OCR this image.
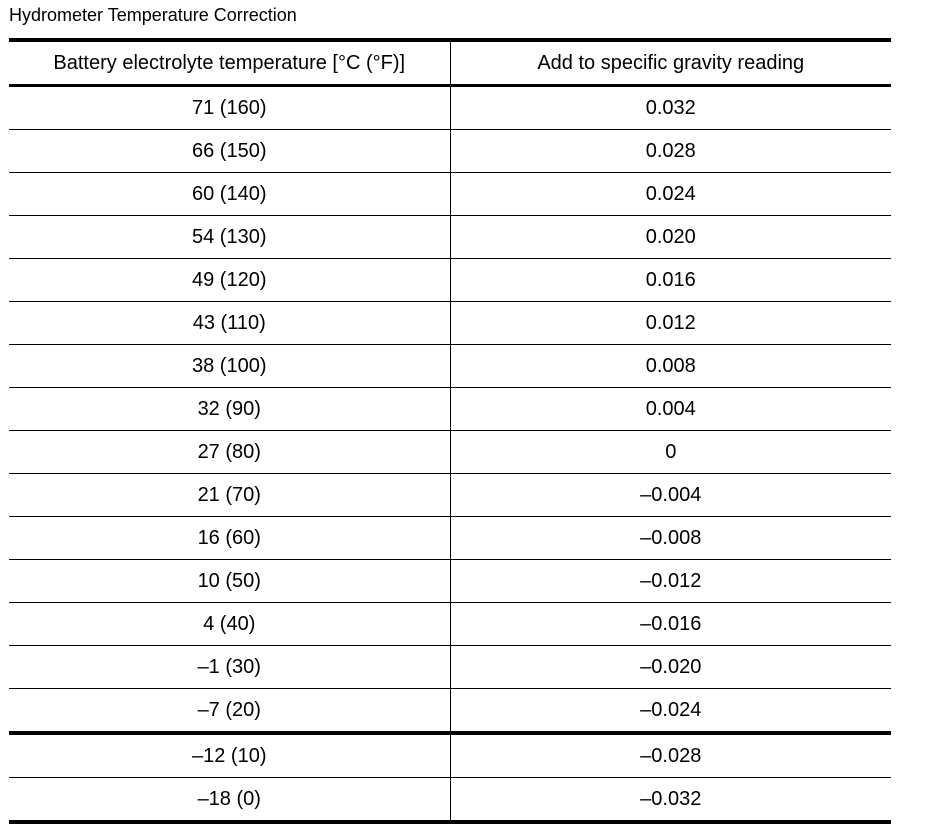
Hydrometer Temperature Correction
Battery electrolyte temperature [°C (°F)]	Add to specific gravity reading
71 (160)	0.032
66 (150)	0.028
60 (140)	0.024
54 (130)	0.020
49 (120)	0.016
43 (110)	0.012
38 (100)	0.008
32 (90)	0.004
27 (80)	0
21 (70)	–0.004
16 (60)	–0.008
10 (50)	–0.012
4 (40)	–0.016
–1 (30)	–0.020
–7 (20)	–0.024
–12 (10)	–0.028
–18 (0)	–0.032
